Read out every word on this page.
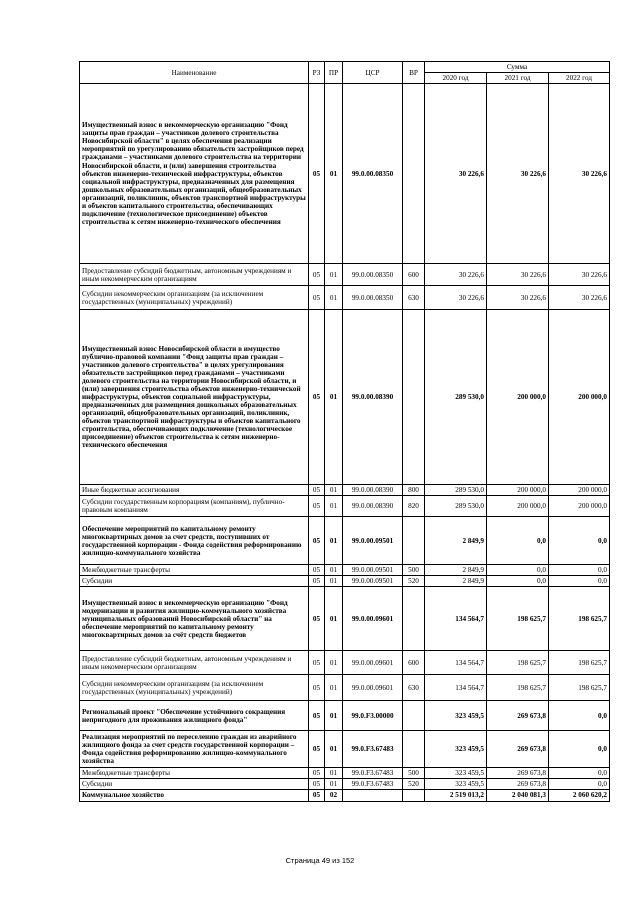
Наименование	РЗ	ПР	ЦСР	ВР	Сумма		
					2020 год	2021 год	2022 год
Имущественный взнос в некоммерческую организацию "Фонд защиты прав граждан – участников долевого строительства Новосибирской области" в целях обеспечения реализации мероприятий по урегулированию обязательств застройщиков перед гражданами – участниками долевого строительства на территории Новосибирской области, и (или) завершения строительства объектов инженерно-технической инфраструктуры, объектов социальной инфраструктуры, предназначенных для размещения дошкольных образовательных организаций, общеобразовательных организаций, поликлиник, объектов транспортной инфраструктуры и объектов капитального строительства, обеспечивающих подключение (технологическое присоединение) объектов строительства к сетям инженерно-технического обеспечения	05	01	99.0.00.08350		30 226,6	30 226,6	30 226,6
Предоставление субсидий бюджетным, автономным учреждениям и иным некоммерческим организациям	05	01	99.0.00.08350	600	30 226,6	30 226,6	30 226,6
Субсидии некоммерческим организациям (за исключением государственных (муниципальных) учреждений)	05	01	99.0.00.08350	630	30 226,6	30 226,6	30 226,6
Имущественный взнос Новосибирской области в имущество публично-правовой компании "Фонд защиты прав граждан – участников долевого строительства" в целях урегулирования обязательств застройщиков перед гражданами – участниками долевого строительства на территории Новосибирской области, и (или) завершения строительства объектов инженерно-технической инфраструктуры, объектов социальной инфраструктуры, предназначенных для размещения дошкольных образовательных организаций, общеобразовательных организаций, поликлиник, объектов транспортной инфраструктуры и объектов капитального строительства, обеспечивающих подключение (технологическое присоединение) объектов строительства к сетям инженерно-технического обеспечения	05	01	99.0.00.08390		289 530,0	200 000,0	200 000,0
Иные бюджетные ассигнования	05	01	99.0.00.08390	800	289 530,0	200 000,0	200 000,0
Субсидии государственным корпорациям (компаниям), публично-правовым компаниям	05	01	99.0.00.08390	820	289 530,0	200 000,0	200 000,0
Обеспечение мероприятий по капитальному ремонту многоквартирных домов за счет средств, поступивших от государственной корпорации - Фонда содействия реформированию жилищно-коммунального хозяйства	05	01	99.0.00.09501		2 849,9	0,0	0,0
Межбюджетные трансферты	05	01	99.0.00.09501	500	2 849,9	0,0	0,0
Субсидии	05	01	99.0.00.09501	520	2 849,9	0,0	0,0
Имущественный взнос в некоммерческую организацию "Фонд модернизации и развития жилищно-коммунального хозяйства муниципальных образований Новосибирской области" на обеспечение мероприятий по капитальному ремонту многоквартирных домов за счёт средств бюджетов	05	01	99.0.00.09601		134 564,7	198 625,7	198 625,7
Предоставление субсидий бюджетным, автономным учреждениям и иным некоммерческим организациям	05	01	99.0.00.09601	600	134 564,7	198 625,7	198 625,7
Субсидии некоммерческим организациям (за исключением государственных (муниципальных) учреждений)	05	01	99.0.00.09601	630	134 564,7	198 625,7	198 625,7
Региональный проект "Обеспечение устойчивого сокращения непригодного для проживания жилищного фонда"	05	01	99.0.F3.00000		323 459,5	269 673,8	0,0
Реализация мероприятий по переселению граждан из аварийного жилищного фонда за счет средств государственной корпорации – Фонда содействия реформированию жилищно-коммунального хозяйства	05	01	99.0.F3.67483		323 459,5	269 673,8	0,0
Межбюджетные трансферты	05	01	99.0.F3.67483	500	323 459,5	269 673,8	0,0
Субсидии	05	01	99.0.F3.67483	520	323 459,5	269 673,8	0,0
Коммунальное хозяйство	05	02			2 519 013,2	2 040 081,3	2 060 620,2
Страница 49 из 152
